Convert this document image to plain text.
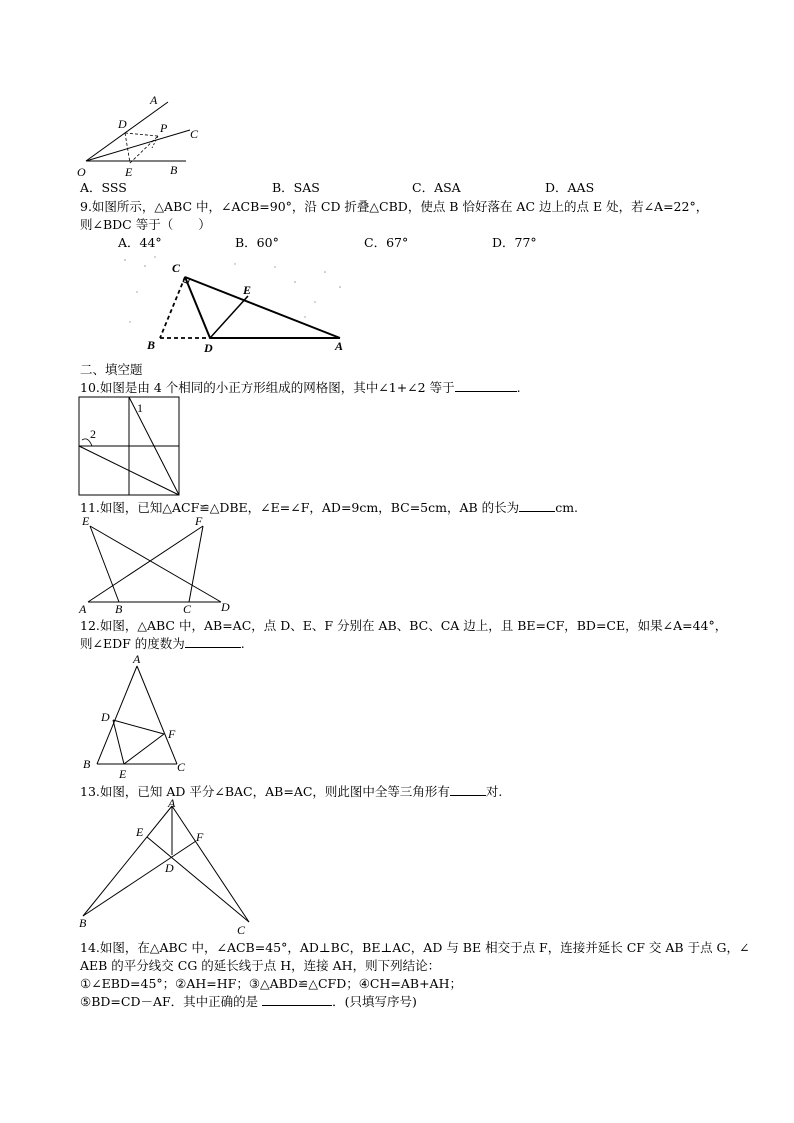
A
D	P C
O	E	B
A．SSS	B．SAS	C．ASA	D．AAS
9.如图所示，△ABC 中，∠ACB=90°，沿 CD 折叠△CBD，使点 B 恰好落在 AC 边上的点 E 处，若∠A=22°，
则∠BDC 等于（　　）
A．44°	B．60°	C．67°	D．77°
C
E
B	D	A
二、填空题
10.如图是由 4 个相同的小正方形组成的网格图，其中∠1+∠2 等于	.
1
2
11.如图，已知△ACF≌△DBE，∠E=∠F，AD=9cm，BC=5cm，AB 的长为	cm.
E	F
A B	C D
12.如图，△ABC 中，AB=AC，点 D、E、F 分别在 AB、BC、CA 边上，且 BE=CF，BD=CE，如果∠A=44°，
则∠EDF 的度数为	.
A
D
F
B
E	C
13.如图，已知 AD 平分∠BAC，AB=AC，则此图中全等三角形有	对.
A
E	F
D
B	C
14.如图，在△ABC 中，∠ACB=45°，AD⊥BC，BE⊥AC，AD 与 BE 相交于点 F，连接并延长 CF 交 AB 于点 G，∠
AEB 的平分线交 CG 的延长线于点 H，连接 AH，则下列结论：
①∠EBD=45°；②AH=HF；③△ABD≌△CFD；④CH=AB+AH；
⑤BD=CD－AF．其中正确的是	．(只填写序号)
